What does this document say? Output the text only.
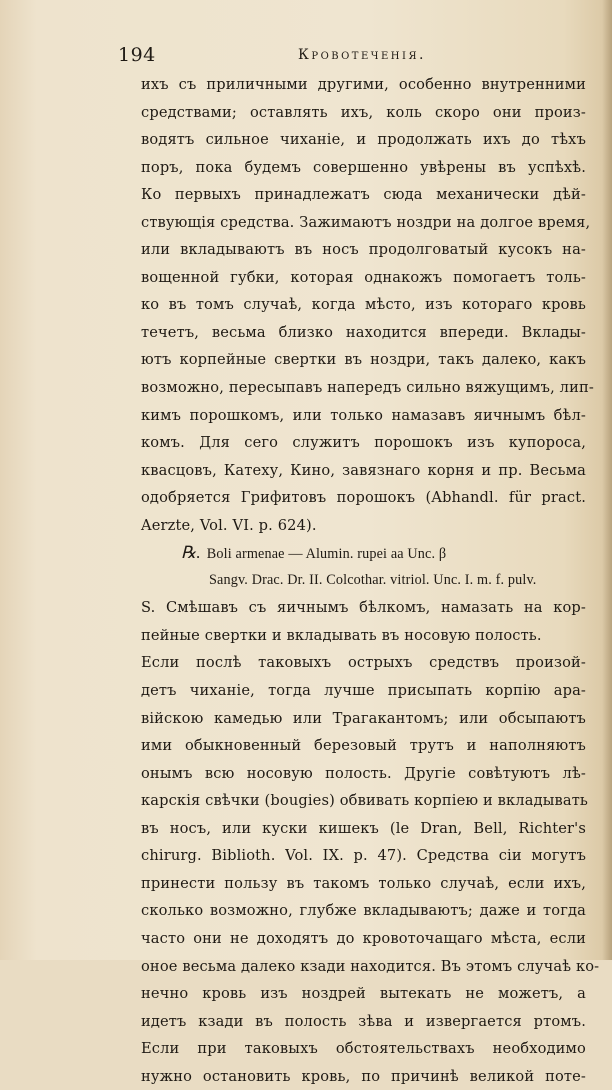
194	Кровотеченія.
ихъ съ приличными другими, особенно внутренними
средствами; оставлять ихъ, коль скоро они произ-
водятъ сильное чиханіе, и продолжать ихъ до тѣхъ
поръ, пока будемъ совершенно увѣрены въ успѣхѣ.
Ко первыхъ принадлежатъ сюда механически дѣй-
ствующія средства. Зажимаютъ ноздри на долгое время,
или вкладываютъ въ носъ продолговатый кусокъ на-
вощенной губки, которая однакожъ помогаетъ толь-
ко въ томъ случаѣ, когда мѣсто, изъ котораго кровь
течетъ, весьма близко находится впереди. Вклады-
ютъ корпейные свертки въ ноздри, такъ далеко, какъ
возможно, пересыпавъ напередъ сильно вяжущимъ, лип-
кимъ порошкомъ, или только намазавъ яичнымъ бѣл-
комъ. Для сего служитъ порошокъ изъ купороса,
квасцовъ, Катеху, Кино, завязнаго корня и пр. Весьма
одобряется Грифитовъ порошокъ (Abhandl. für pract.
Aerzte, Vol. VI. p. 624).
℞. Boli armenae — Alumin. rupei aa Unc. β
Sangv. Drac. Dr. II. Colcothar. vitriol. Unc. I. m. f. pulv.
S. Смѣшавъ съ яичнымъ бѣлкомъ, намазать на кор-
пейные свертки и вкладывать въ носовую полость.
Если послѣ таковыхъ острыхъ средствъ произой-
детъ чиханіе, тогда лучше присыпать корпію ара-
війскою камедью или Трагакантомъ; или обсыпаютъ
ими обыкновенный березовый трутъ и наполняютъ
онымъ всю носовую полость. Другіе совѣтуютъ лѣ-
карскія свѣчки (bougies) обвивать корпіею и вкладывать
въ носъ, или куски кишекъ (le Dran, Bell, Richter's
chirurg. Biblioth. Vol. IX. p. 47). Средства сіи могутъ
принести пользу въ такомъ только случаѣ, если ихъ,
сколько возможно, глубже вкладываютъ; даже и тогда
часто они не доходятъ до кровоточащаго мѣста, если
оное весьма далеко кзади находится. Въ этомъ случаѣ ко-
нечно кровь изъ ноздрей вытекать не можетъ, а
идетъ кзади въ полость зѣва и извергается ртомъ.
Если при таковыхъ обстоятельствахъ необходимо
нужно остановить кровь, по причинѣ великой поте-
